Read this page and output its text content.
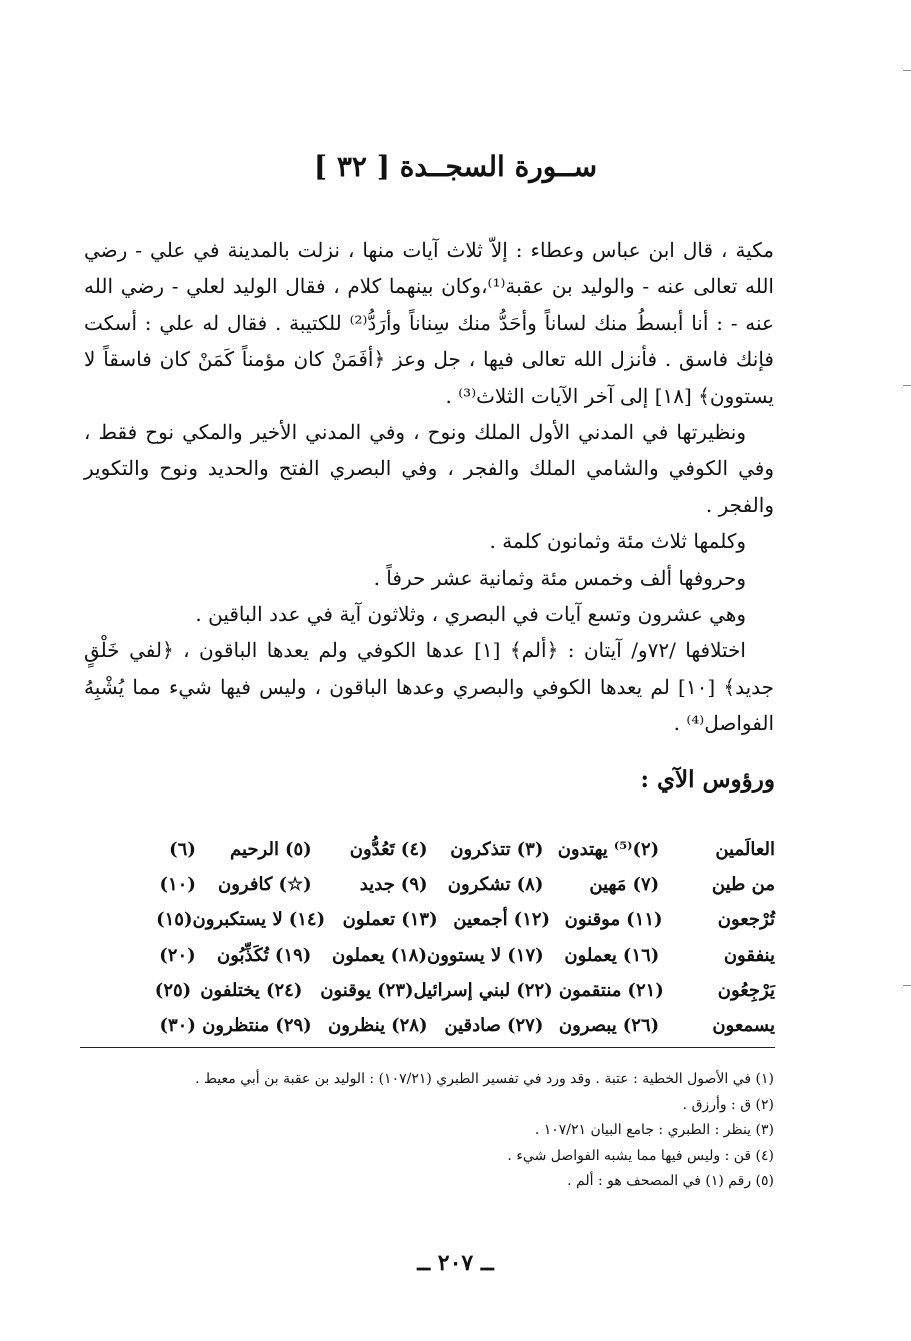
ســورة السجــدة [ ٣٢ ]

مكية ، قال ابن عباس وعطاء : إلاّ ثلاث آيات منها ، نزلت بالمدينة في علي - رضي الله تعالى عنه - والوليد بن عقبة⁽¹⁾،وكان بينهما كلام ، فقال الوليد لعلي - رضي الله عنه - : أنا أبسطُ منك لساناً وأحَدُّ منك سِناناً وأرَدُّ⁽²⁾ للكتيبة . فقال له علي : أسكت فإنك فاسق . فأنزل الله تعالى فيها ، جل وعز ﴿أفَمَنْ كان مؤمناً كَمَنْ كان فاسقاً لا يستوون﴾ [١٨] إلى آخر الآيات الثلاث⁽³⁾ .

ونظيرتها في المدني الأول الملك ونوح ، وفي المدني الأخير والمكي نوح فقط ، وفي الكوفي والشامي الملك والفجر ، وفي البصري الفتح والحديد ونوح والتكوير والفجر .

وكلمها ثلاث مئة وثمانون كلمة .

وحروفها ألف وخمس مئة وثمانية عشر حرفاً .

وهي عشرون وتسع آيات في البصري ، وثلاثون آية في عدد الباقين .

اختلافها /٧٢و/ آيتان : ﴿ألم﴾ [١] عدها الكوفي ولم يعدها الباقون ، ﴿لفي خَلْقٍ جديد﴾ [١٠] لم يعدها الكوفي والبصري وعدها الباقون ، وليس فيها شيء مما يُشْبِهُ الفواصل⁽⁴⁾ .

ورؤوس الآي :
العالَمين
(٢)⁽⁵⁾
يهتدون
(٣)
تتذكرون
(٤)
تَعُدُّون
(٥)
الرحيم
(٦)
من طين
(٧)
مَهين
(٨)
تشكرون
(٩)
جديد
(☆)
كافرون
(١٠)
تُرْجعون
(١١)
موقنون
(١٢)
أجمعين
(١٣)
تعملون
(١٤)
لا يستكبرون
(١٥)
ينفقون
(١٦)
يعملون
(١٧)
لا يستوون
(١٨)
يعملون
(١٩)
تُكَذِّبُون
(٢٠)
يَرْجِعُون
(٢١)
منتقمون
(٢٢)
لبني إسرائيل
(٢٣)
يوقنون
(٢٤)
يختلفون
(٢٥)
يسمعون
(٢٦)
يبصرون
(٢٧)
صادقين
(٢٨)
ينظرون
(٢٩)
منتظرون
(٣٠)
(١) في الأصول الخطية : عتبة . وقد ورد في تفسير الطبري (١٠٧/٢١) : الوليد بن عقبة بن أبي معيط .
(٢) ق : وأرزق .
(٣) ينظر : الطبري : جامع البيان ١٠٧/٢١ .
(٤) قن : وليس فيها مما يشبه الفواصل شيء .
(٥) رقم (١) في المصحف هو : ألم .
ــ ٢٠٧ ــ
